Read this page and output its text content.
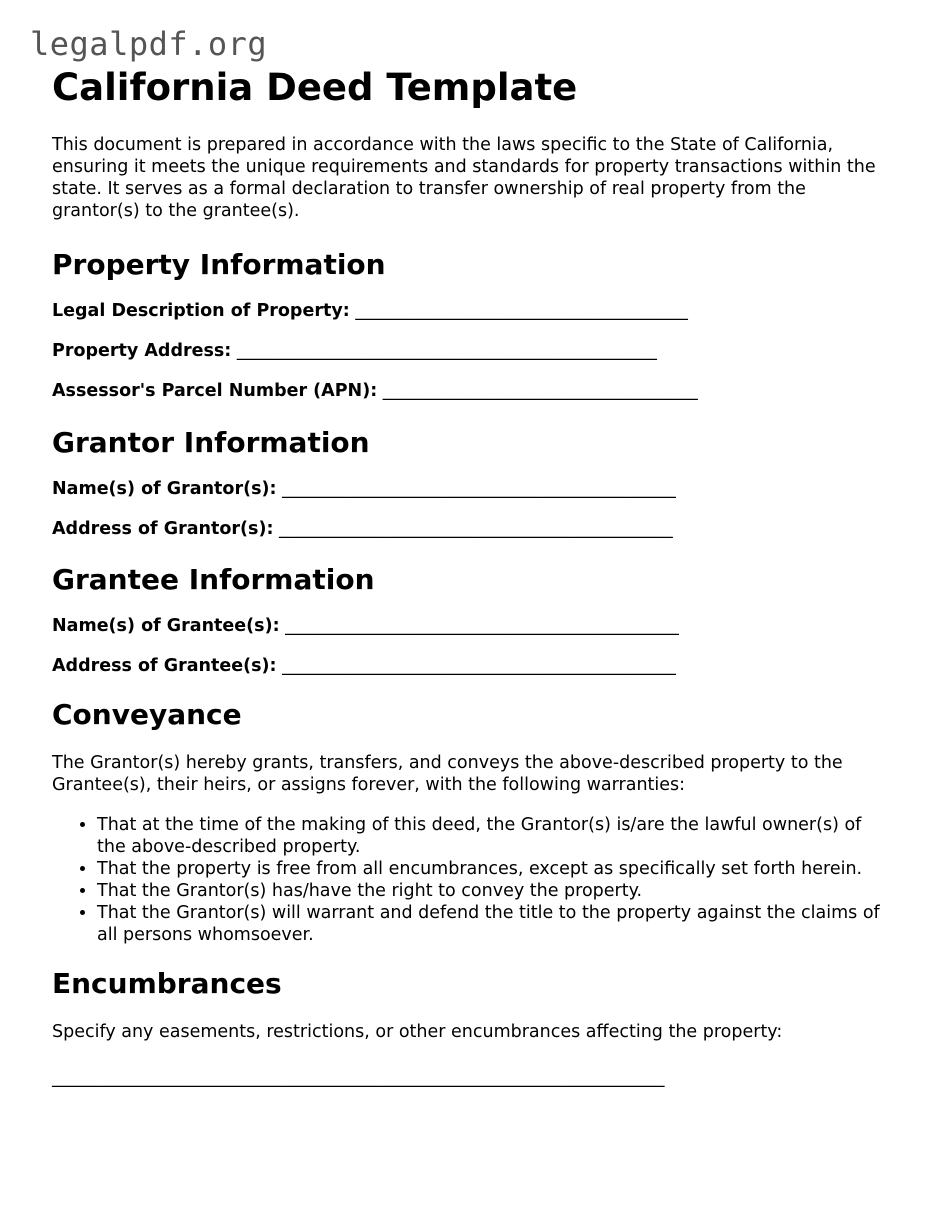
legalpdf.org
California Deed Template

This document is prepared in accordance with the laws specific to the State of California, ensuring it meets the unique requirements and standards for property transactions within the state. It serves as a formal declaration to transfer ownership of real property from the grantor(s) to the grantee(s).

Property Information

Legal Description of Property: ______________________________________

Property Address: ________________________________________________

Assessor's Parcel Number (APN): ____________________________________

Grantor Information

Name(s) of Grantor(s): _____________________________________________

Address of Grantor(s): _____________________________________________

Grantee Information

Name(s) of Grantee(s): _____________________________________________

Address of Grantee(s): _____________________________________________

Conveyance

The Grantor(s) hereby grants, transfers, and conveys the above-described property to the Grantee(s), their heirs, or assigns forever, with the following warranties:

• That at the time of the making of this deed, the Grantor(s) is/are the lawful owner(s) of the above-described property.
• That the property is free from all encumbrances, except as specifically set forth herein.
• That the Grantor(s) has/have the right to convey the property.
• That the Grantor(s) will warrant and defend the title to the property against the claims of all persons whomsoever.
Encumbrances

Specify any easements, restrictions, or other encumbrances affecting the property:

______________________________________________________________________
